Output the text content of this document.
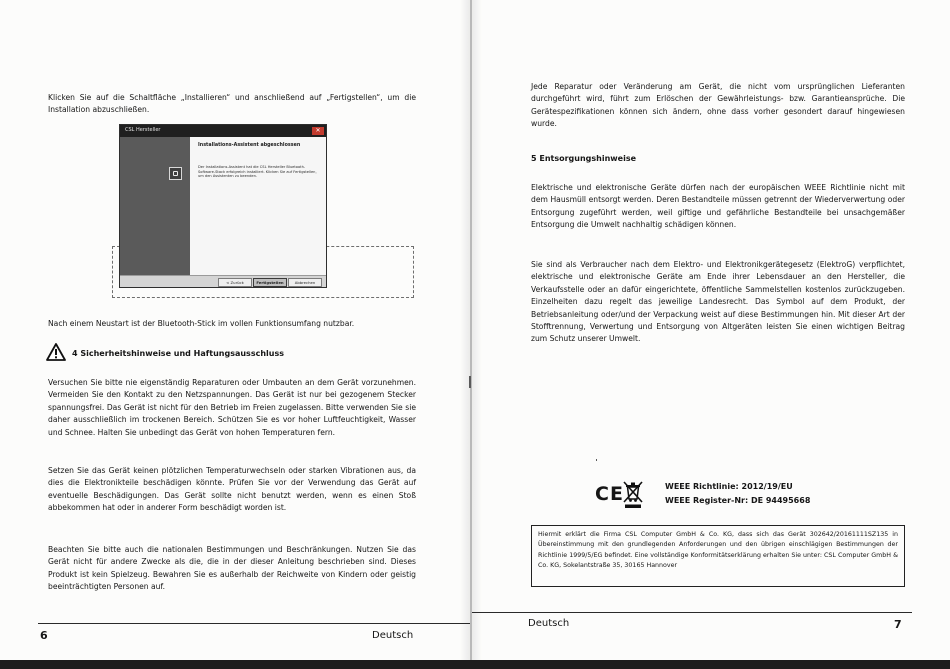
Klicken Sie auf die Schaltfläche „Installieren“ und anschließend auf „Fertigstellen“, um die Installation abzuschließen.

CSL Hersteller	✕
Installations-Assistent abgeschlossen
Der Installations-Assistent hat die CSL Hersteller Bluetooth-Software-Stack erfolgreich installiert. Klicken Sie auf Fertigstellen, um den Assistenten zu beenden.
< Zurück	Fertigstellen	Abbrechen

Nach einem Neustart ist der Bluetooth-Stick im vollen Funktionsumfang nutzbar.

4 Sicherheitshinweise und Haftungsausschluss

Versuchen Sie bitte nie eigenständig Reparaturen oder Umbauten an dem Gerät vorzunehmen. Vermeiden Sie den Kontakt zu den Netzspannungen. Das Gerät ist nur bei gezogenem Stecker spannungsfrei. Das Gerät ist nicht für den Betrieb im Freien zugelassen. Bitte verwenden Sie sie daher ausschließlich im trockenen Bereich. Schützen Sie es vor hoher Luftfeuchtigkeit, Wasser und Schnee. Halten Sie unbedingt das Gerät von hohen Temperaturen fern.

Setzen Sie das Gerät keinen plötzlichen Temperaturwechseln oder starken Vibrationen aus, da dies die Elektronikteile beschädigen könnte. Prüfen Sie vor der Verwendung das Gerät auf eventuelle Beschädigungen. Das Gerät sollte nicht benutzt werden, wenn es einen Stoß abbekommen hat oder in anderer Form beschädigt worden ist.

Beachten Sie bitte auch die nationalen Bestimmungen und Beschränkungen. Nutzen Sie das Gerät nicht für andere Zwecke als die, die in der dieser Anleitung beschrieben sind. Dieses Produkt ist kein Spielzeug. Bewahren Sie es außerhalb der Reichweite von Kindern oder geistig beeinträchtigten Personen auf.

6	Deutsch

Jede Reparatur oder Veränderung am Gerät, die nicht vom ursprünglichen Lieferanten durchgeführt wird, führt zum Erlöschen der Gewährleistungs- bzw. Garantieansprüche. Die Gerätespezifikationen können sich ändern, ohne dass vorher gesondert darauf hingewiesen wurde.

5 Entsorgungshinweise

Elektrische und elektronische Geräte dürfen nach der europäischen WEEE Richtlinie nicht mit dem Hausmüll entsorgt werden. Deren Bestandteile müssen getrennt der Wiederverwertung oder Entsorgung zugeführt werden, weil giftige und gefährliche Bestandteile bei unsachgemäßer Entsorgung die Umwelt nachhaltig schädigen können.

Sie sind als Verbraucher nach dem Elektro- und Elektronikgerätegesetz (ElektroG) verpflichtet, elektrische und elektronische Geräte am Ende ihrer Lebensdauer an den Hersteller, die Verkaufsstelle oder an dafür eingerichtete, öffentliche Sammelstellen kostenlos zurückzugeben. Einzelheiten dazu regelt das jeweilige Landesrecht. Das Symbol auf dem Produkt, der Betriebsanleitung oder/und der Verpackung weist auf diese Bestimmungen hin. Mit dieser Art der Stofftrennung, Verwertung und Entsorgung von Altgeräten leisten Sie einen wichtigen Beitrag zum Schutz unserer Umwelt.

CE	WEEE Richtlinie: 2012/19/EU
WEEE Register-Nr: DE 94495668

Hiermit erklärt die Firma CSL Computer GmbH & Co. KG, dass sich das Gerät 302642/20161111SZ135 in Übereinstimmung mit den grundlegenden Anforderungen und den übrigen einschlägigen Bestimmungen der Richtlinie 1999/5/EG befindet. Eine vollständige Konformitätserklärung erhalten Sie unter: CSL Computer GmbH & Co. KG, Sokelantstraße 35, 30165 Hannover

Deutsch	7
